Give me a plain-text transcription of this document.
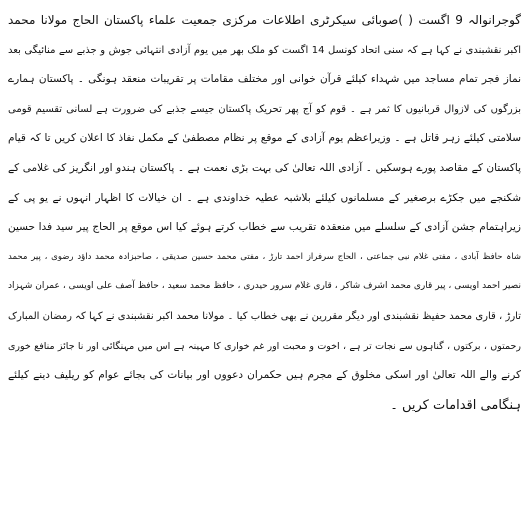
گوجرانوالہ 9 اگست ( )صوبائی سیکرٹری اطلاعات مرکزی جمعیت علماء پاکستان الحاج مولانا محمد
اکبر نقشبندی نے کہا ہے کہ سنی اتحاد کونسل 14 اگست کو ملک بھر میں یوم آزادی انتہائی جوش و جذبے سے منائیگی بعد
نماز فجر تمام مساجد میں شہداء کیلئے قرآن خوانی اور مختلف مقامات پر تقریبات منعقد ہونگی ۔ پاکستان ہمارے
بزرگوں کی لازوال قربانیوں کا ثمر ہے ۔ قوم کو آج پھر تحریک پاکستان جیسے جذبے کی ضرورت ہے لسانی تقسیم قومی
سلامتی کیلئے زہر قاتل ہے ۔ وزیراعظم یوم آزادی کے موقع پر نظام مصطفیٰ کے مکمل نفاذ کا اعلان کریں تا کہ قیام
پاکستان کے مقاصد پورے ہوسکیں ۔ آزادی اللہ تعالیٰ کی بہت بڑی نعمت ہے ۔ پاکستان ہندو اور انگریز کی غلامی کے
شکنجے میں جکڑے برصغیر کے مسلمانوں کیلئے بلاشبہ عطیہ خداوندی ہے ۔ ان خیالات کا اظہار انہوں نے یو پی کے
زیراہتمام جشن آزادی کے سلسلے میں منعقدہ تقریب سے خطاب کرتے ہوئے کیا اس موقع پر الحاج پیر سید فدا حسین
شاہ حافظ آبادی ، مفتی غلام نبی جماعتی ، الحاج سرفراز احمد تارڑ ، مفتی محمد حسین صدیقی ، صاحبزادہ محمد داؤد رضوی ، پیر محمد
نصیر احمد اویسی ، پیر قاری محمد اشرف شاکر ، قاری غلام سرور حیدری ، حافظ محمد سعید ، حافظ آصف علی اویسی ، عمران شہزاد
تارڑ ، قاری محمد حفیظ نقشبندی اور دیگر مقررین نے بھی خطاب کیا ۔ مولانا محمد اکبر نقشبندی نے کہا کہ رمضان المبارک
رحمتوں ، برکتوں ، گناہوں سے نجات تر ہے ، اخوت و محبت اور غم خواری کا مہینہ ہے اس میں مہنگائی اور نا جائز منافع خوری
کرنے والے اللہ تعالیٰ اور اسکی مخلوق کے مجرم ہیں حکمران دعووں اور بیانات کی بجائے عوام کو ریلیف دینے کیلئے
ہنگامی اقدامات کریں ۔
